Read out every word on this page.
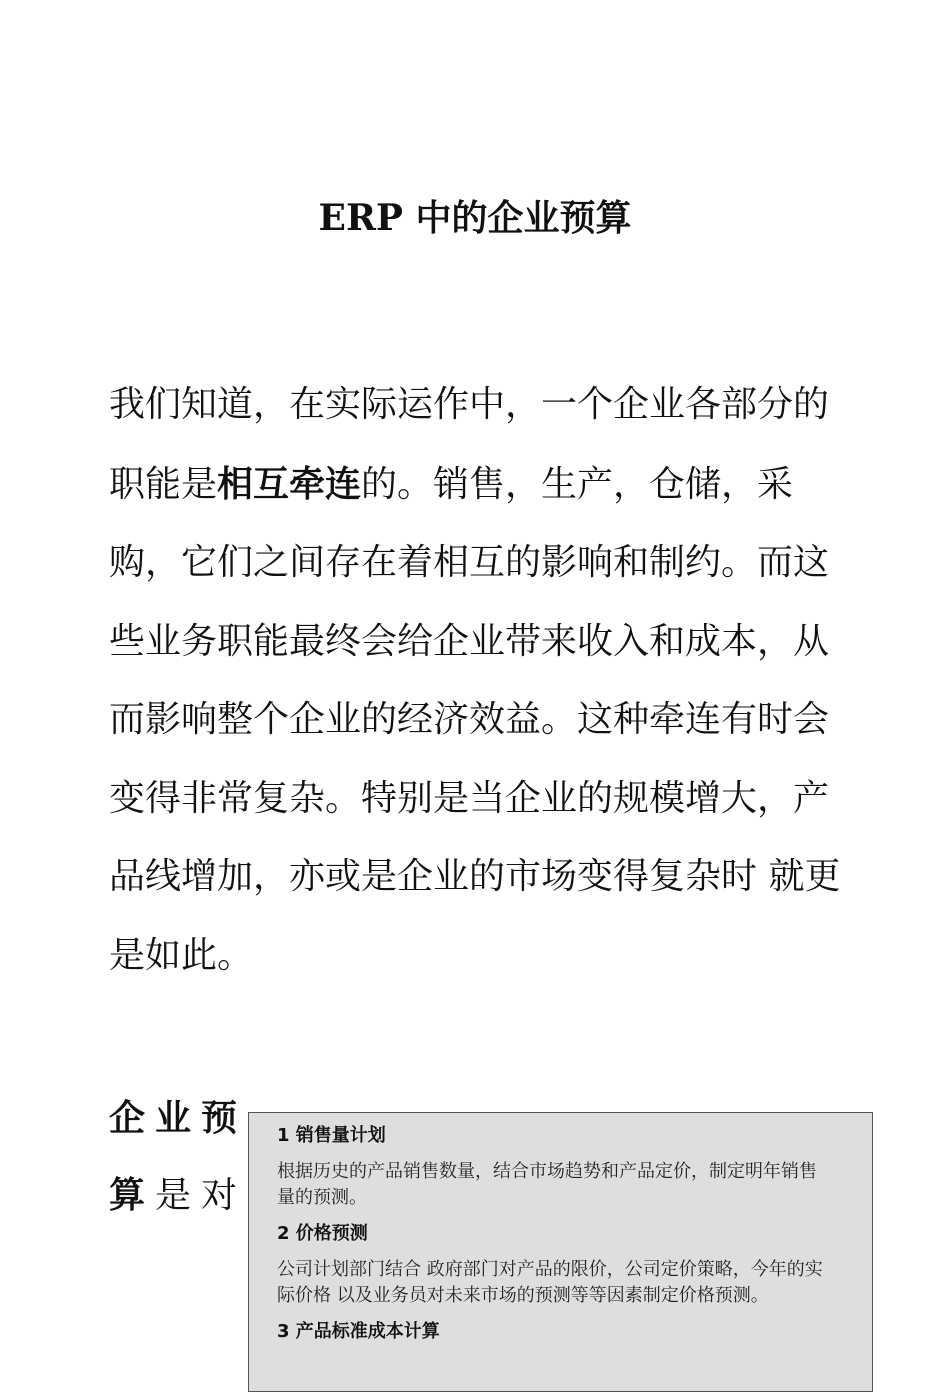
ERP 中的企业预算

我们知道，在实际运作中，一个企业各部分的职能是相互牵连的。销售，生产，仓储，采购，它们之间存在着相互的影响和制约。而这些业务职能最终会给企业带来收入和成本，从而影响整个企业的经济效益。这种牵连有时会变得非常复杂。特别是当企业的规模增大，产品线增加，亦或是企业的市场变得复杂时 就更是如此。

企业预
算是对
1 销售量计划
根据历史的产品销售数量，结合市场趋势和产品定价，制定明年销售量的预测。
2 价格预测
公司计划部门结合 政府部门对产品的限价，公司定价策略，今年的实际价格 以及业务员对未来市场的预测等等因素制定价格预测。
3 产品标准成本计算
